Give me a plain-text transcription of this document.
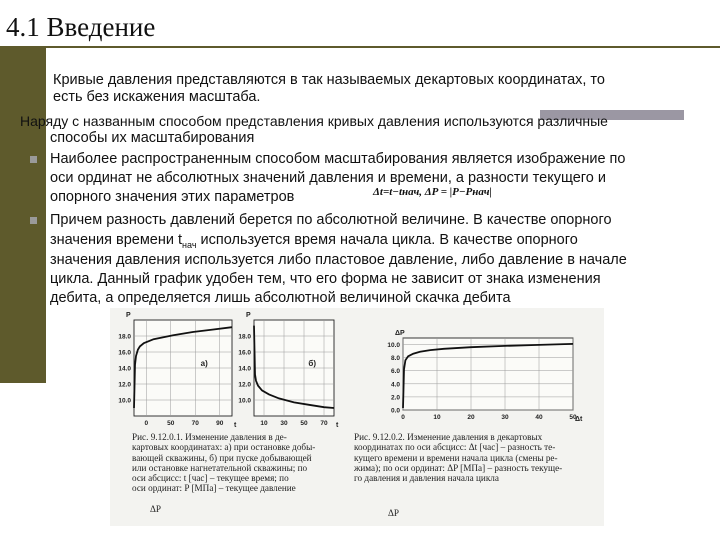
4.1 Введение
Кривые давления представляются в так называемых декартовых координатах, то
есть без искажения масштаба.
Наряду с названным способом представления кривых давления используются различные
способы их масштабирования
Наиболее распространенным способом масштабирования является изображение по
оси ординат не абсолютных значений давления и времени, а разности текущего и
опорного значения этих параметров	Δt=t−tнач, ΔP = |P−Pнач|
Причем разность давлений берется по абсолютной величине. В качестве опорного
значения времени $t_{нач}$ используется время начала цикла. В качестве опорного
значения давления используется либо пластовое давление, либо давление в начале
цикла. Данный график удобен тем, что его форма не зависит от знака изменения
дебита, а определяется лишь абсолютной величиной скачка дебита
18.0
16.0
14.0
12.0
10.0
0	50	70	90
P
t
а)
18.0
16.0
14.0
12.0
10.0
10 30 50 70
P
t
б)
10.0
8.0
6.0
4.0
2.0
0.0
0	10	20	30	40	50
ΔP
Δt
Рис. 9.12.0.1. Изменение давления в де-
картовых координатах: а) при остановке добы-
вающей скважины, б) при пуске добывающей
или остановке нагнетательной скважины; по
оси абсцисс: t [час] – текущее время; по
оси ординат: P [МПа] – текущее давление
ΔP
Рис. 9.12.0.2. Изменение давления в декартовых
координатах по оси абсцисс: Δt [час] – разность те-
кущего времени и времени начала цикла (смены ре-
жима); по оси ординат: ΔP [МПа] – разность текуще-
го давления и давления начала цикла
ΔP
